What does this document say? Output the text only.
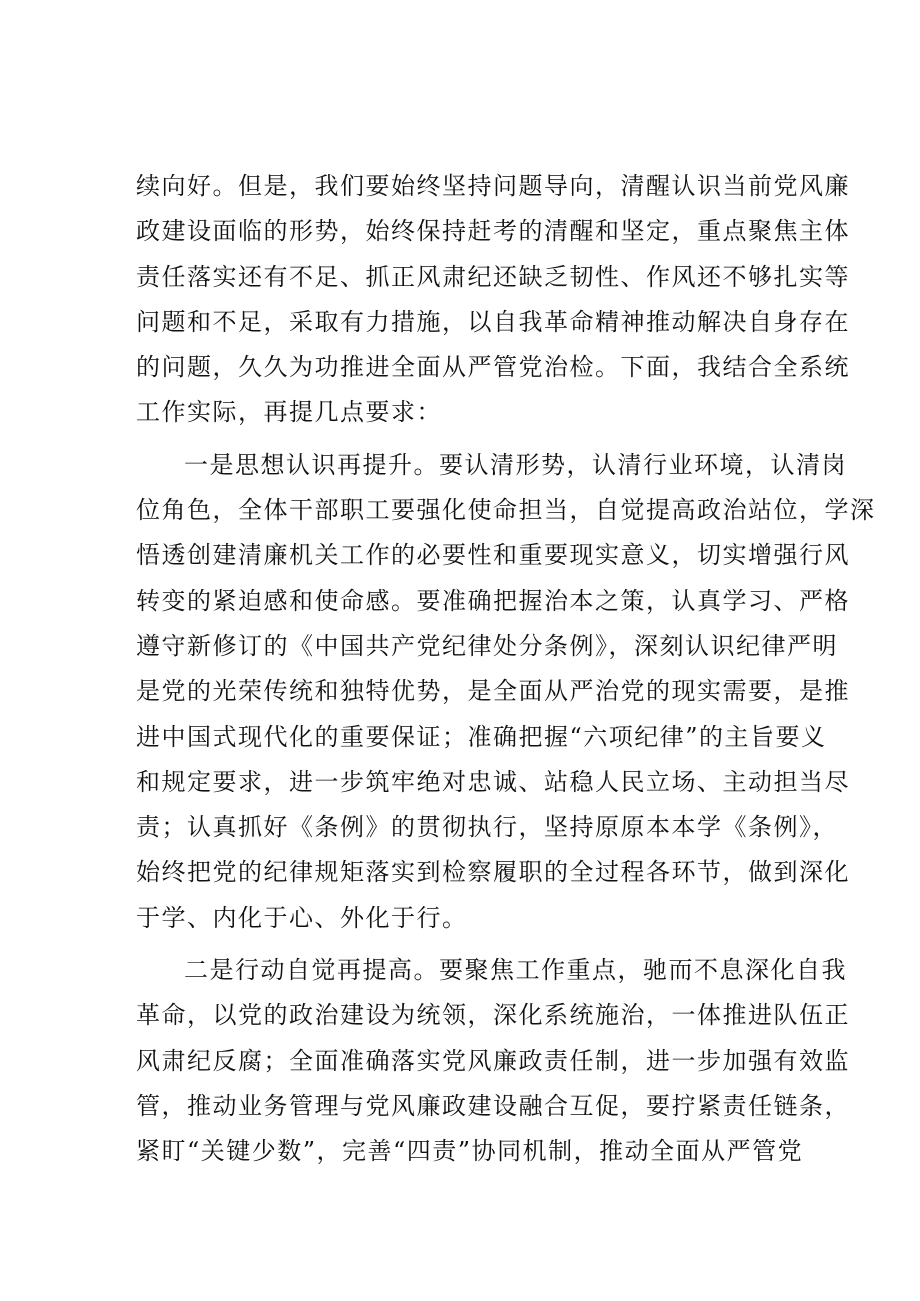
续向好。但是，我们要始终坚持问题导向，清醒认识当前党风廉
政建设面临的形势，始终保持赶考的清醒和坚定，重点聚焦主体
责任落实还有不足、抓正风肃纪还缺乏韧性、作风还不够扎实等
问题和不足，采取有力措施，以自我革命精神推动解决自身存在
的问题，久久为功推进全面从严管党治检。下面，我结合全系统
工作实际，再提几点要求：
一是思想认识再提升。要认清形势，认清行业环境，认清岗
位角色，全体干部职工要强化使命担当，自觉提高政治站位，学深
悟透创建清廉机关工作的必要性和重要现实意义，切实增强行风
转变的紧迫感和使命感。要准确把握治本之策，认真学习、严格
遵守新修订的《中国共产党纪律处分条例》，深刻认识纪律严明
是党的光荣传统和独特优势，是全面从严治党的现实需要，是推
进中国式现代化的重要保证；准确把握“六项纪律”的主旨要义
和规定要求，进一步筑牢绝对忠诚、站稳人民立场、主动担当尽
责；认真抓好《条例》的贯彻执行，坚持原原本本学《条例》，
始终把党的纪律规矩落实到检察履职的全过程各环节，做到深化
于学、内化于心、外化于行。
二是行动自觉再提高。要聚焦工作重点，驰而不息深化自我
革命，以党的政治建设为统领，深化系统施治，一体推进队伍正
风肃纪反腐；全面准确落实党风廉政责任制，进一步加强有效监
管，推动业务管理与党风廉政建设融合互促，要拧紧责任链条，
紧盯“关键少数”，完善“四责”协同机制，推动全面从严管党
